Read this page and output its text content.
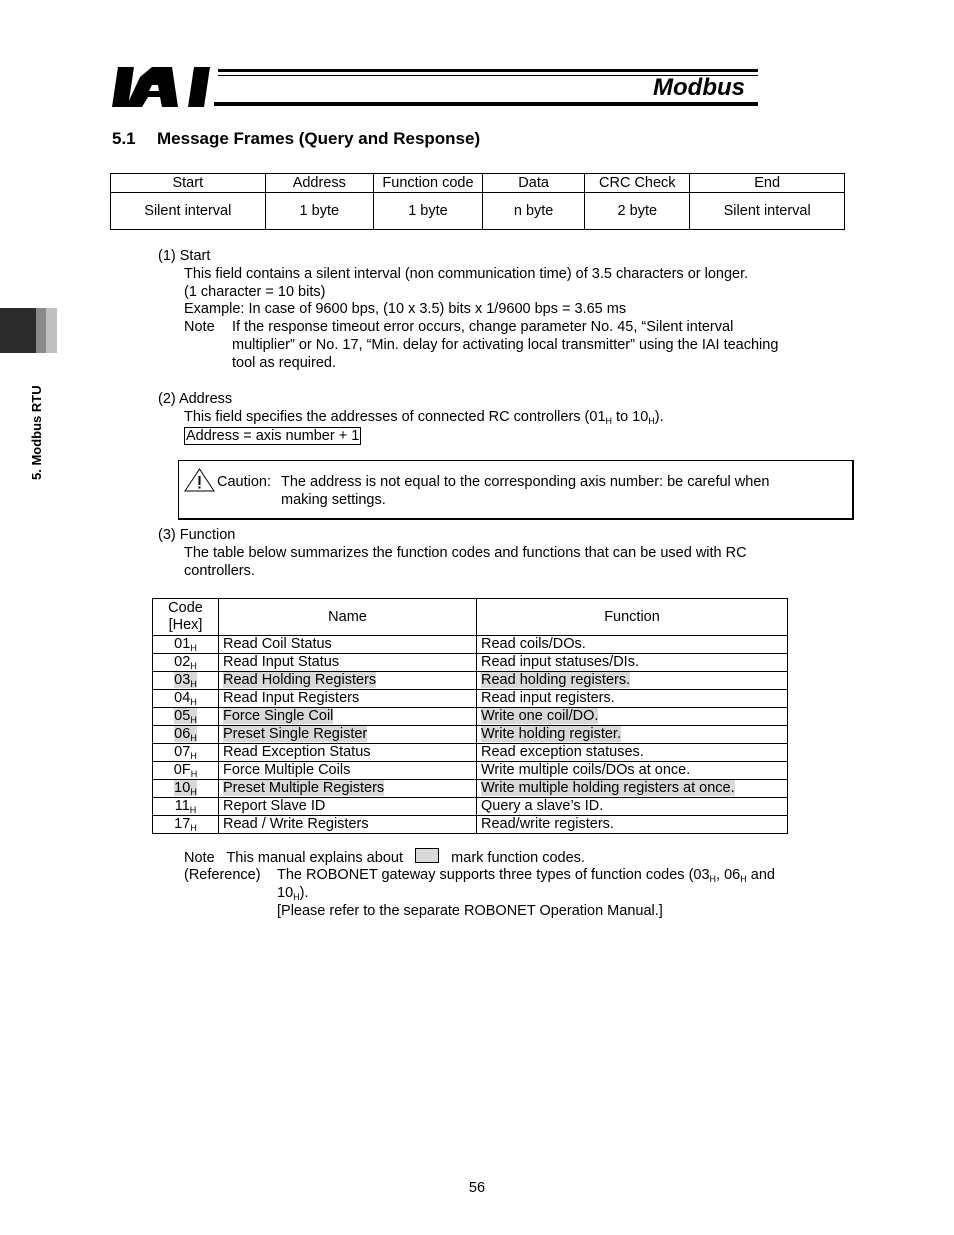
Modbus
5. Modbus RTU
5.1 Message Frames (Query and Response)
Start	Address	Function code	Data	CRC Check	End
Silent interval	1 byte	1 byte	n byte	2 byte	Silent interval
(1) Start
This field contains a silent interval (non communication time) of 3.5 characters or longer.
(1 character = 10 bits)
Example: In case of 9600 bps, (10 x 3.5) bits x 1/9600 bps = 3.65 ms
Note If the response timeout error occurs, change parameter No. 45, “Silent interval
multiplier” or No. 17, “Min. delay for activating local transmitter” using the IAI teaching
tool as required.
(2) Address
This field specifies the addresses of connected RC controllers ($01_H$ to $10_H$).
Address = axis number + 1
Caution: The address is not equal to the corresponding axis number: be careful when
making settings.
(3) Function
The table below summarizes the function codes and functions that can be used with RC
controllers.
Code
[Hex]	Name	Function
$01_H$	Read Coil Status	Read coils/DOs.
$02_H$	Read Input Status	Read input statuses/DIs.
$03_H$	Read Holding Registers	Read holding registers.
$04_H$	Read Input Registers	Read input registers.
$05_H$	Force Single Coil	Write one coil/DO.
$06_H$	Preset Single Register	Write holding register.
$07_H$	Read Exception Status	Read exception statuses.
$0F_H$	Force Multiple Coils	Write multiple coils/DOs at once.
$10_H$	Preset Multiple Registers	Write multiple holding registers at once.
$11_H$	Report Slave ID	Query a slave’s ID.
$17_H$	Read / Write Registers	Read/write registers.
Note   This manual explains about	mark function codes.
(Reference) The ROBONET gateway supports three types of function codes ($03_H$, $06_H$ and
$10_H$).
[Please refer to the separate ROBONET Operation Manual.]
56
